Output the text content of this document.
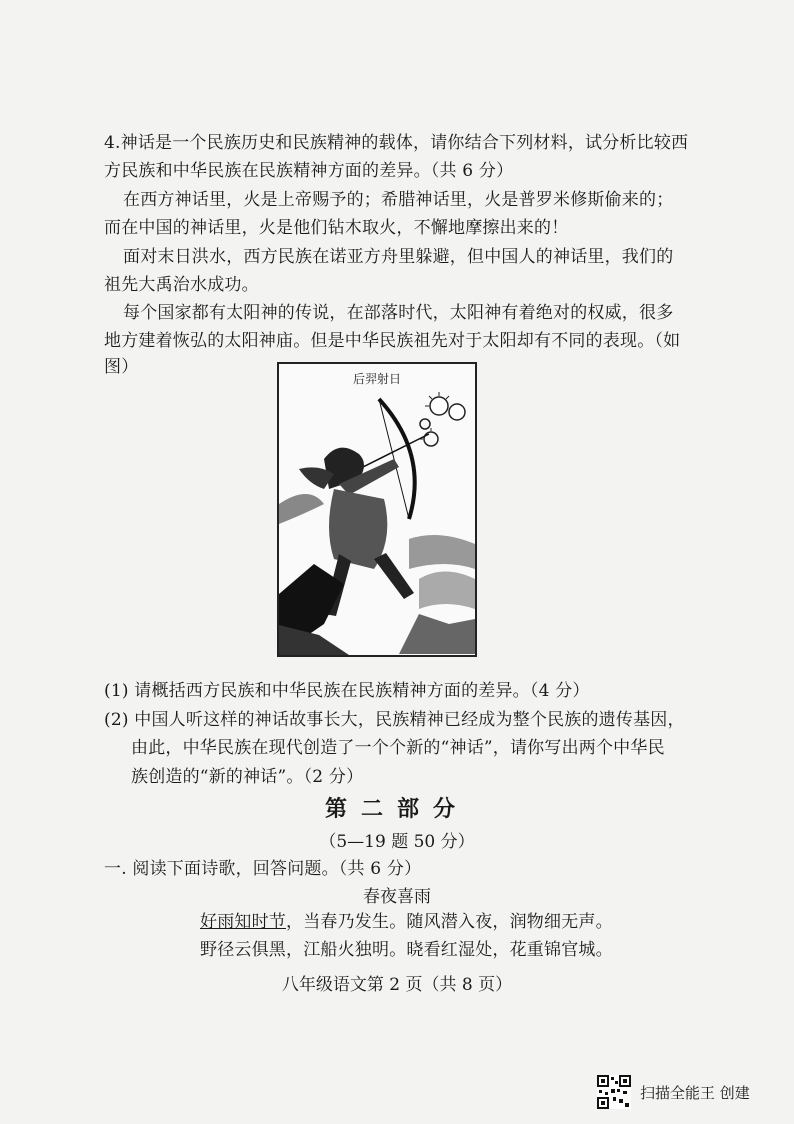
4.神话是一个民族历史和民族精神的载体，请你结合下列材料，试分析比较西
方民族和中华民族在民族精神方面的差异。（共 6 分）
在西方神话里，火是上帝赐予的；希腊神话里，火是普罗米修斯偷来的；
而在中国的神话里，火是他们钻木取火，不懈地摩擦出来的！
面对末日洪水，西方民族在诺亚方舟里躲避，但中国人的神话里，我们的
祖先大禹治水成功。
每个国家都有太阳神的传说，在部落时代，太阳神有着绝对的权威，很多
地方建着恢弘的太阳神庙。但是中华民族祖先对于太阳却有不同的表现。（如
图）
后羿射日
(1) 请概括西方民族和中华民族在民族精神方面的差异。（4 分）
(2) 中国人听这样的神话故事长大，民族精神已经成为整个民族的遗传基因，
由此，中华民族在现代创造了一个个新的“神话”，请你写出两个中华民
族创造的“新的神话”。（2 分）
第二部分
（5—19 题 50 分）
一. 阅读下面诗歌，回答问题。（共 6 分）
春夜喜雨
好雨知时节，当春乃发生。随风潜入夜，润物细无声。
野径云俱黑，江船火独明。晓看红湿处，花重锦官城。
八年级语文第 2 页（共 8 页）
扫描全能王 创建
